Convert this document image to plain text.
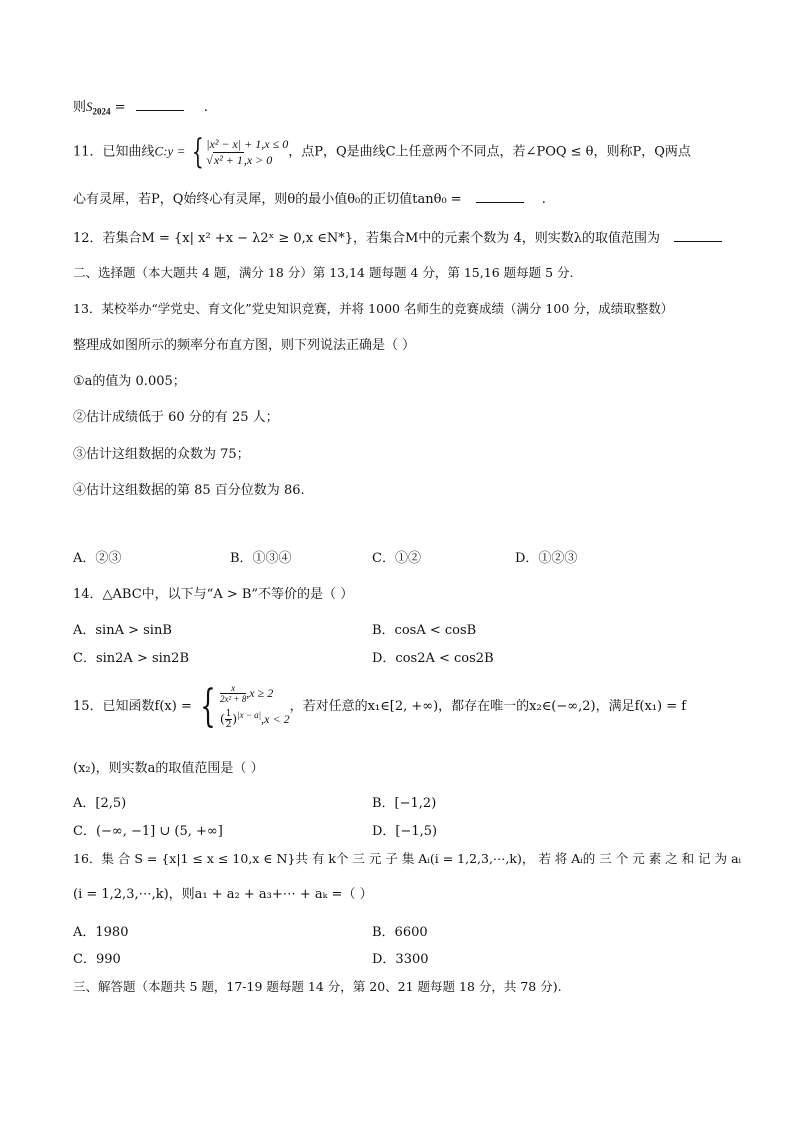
则$S_{2024}$ =	.
11．已知曲线C:y = { |x² − x| + 1,x ≤ 0
√x² + 1,x > 0
，点P，Q是曲线C上任意两个不同点，若∠POQ ≤ θ，则称P，Q两点
心有灵犀，若P，Q始终心有灵犀，则θ的最小值θ₀的正切值tanθ₀ =	.
12．若集合M = {x| x² +x − λ2ˣ ≥ 0,x ∈N*}，若集合M中的元素个数为 4，则实数λ的取值范围为
二、选择题（本大题共 4 题，满分 18 分）第 13,14 题每题 4 分，第 15,16 题每题 5 分.
13．某校举办“学党史、育文化”党史知识竞赛，并将 1000 名师生的竞赛成绩（满分 100 分，成绩取整数）
整理成如图所示的频率分布直方图，则下列说法正确是（ ）
①a的值为 0.005；
②估计成绩低于 60 分的有 25 人；
③估计这组数据的众数为 75；
④估计这组数据的第 85 百分位数为 86.
A．②③	B．①③④	C．①②	D．①②③
14．△ABC中，以下与“A > B”不等价的是（ ）
A．sinA > sinB	B．cosA < cosB
C．sin2A > sin2B	D．cos2A < cos2B
15．已知函数f(x) = { $\frac{x}{\text{2x² + 8}} ,x \ge 2$
( $\frac{1}{2} )^{|x - a|},x < 2$
，若对任意的x₁∈[2, +∞)，都存在唯一的x₂∈(−∞,2)，满足f(x₁) = f
(x₂)，则实数a的取值范围是（ ）
A．[2,5)	B．[−1,2)
C．(−∞, −1] ∪ (5, +∞]	D．[−1,5)
16．集 合 S = {x|1 ≤ x ≤ 10,x ∈ N}共 有 k个 三 元 子 集 Aᵢ(i = 1,2,3,⋯,k)， 若 将 Aᵢ的 三 个 元 素 之 和 记 为 aᵢ
(i = 1,2,3,⋯,k)，则a₁ + a₂ + a₃+⋯ + aₖ =（ ）
A．1980	B．6600
C．990	D．3300
三、解答题（本题共 5 题，17-19 题每题 14 分，第 20、21 题每题 18 分，共 78 分).
